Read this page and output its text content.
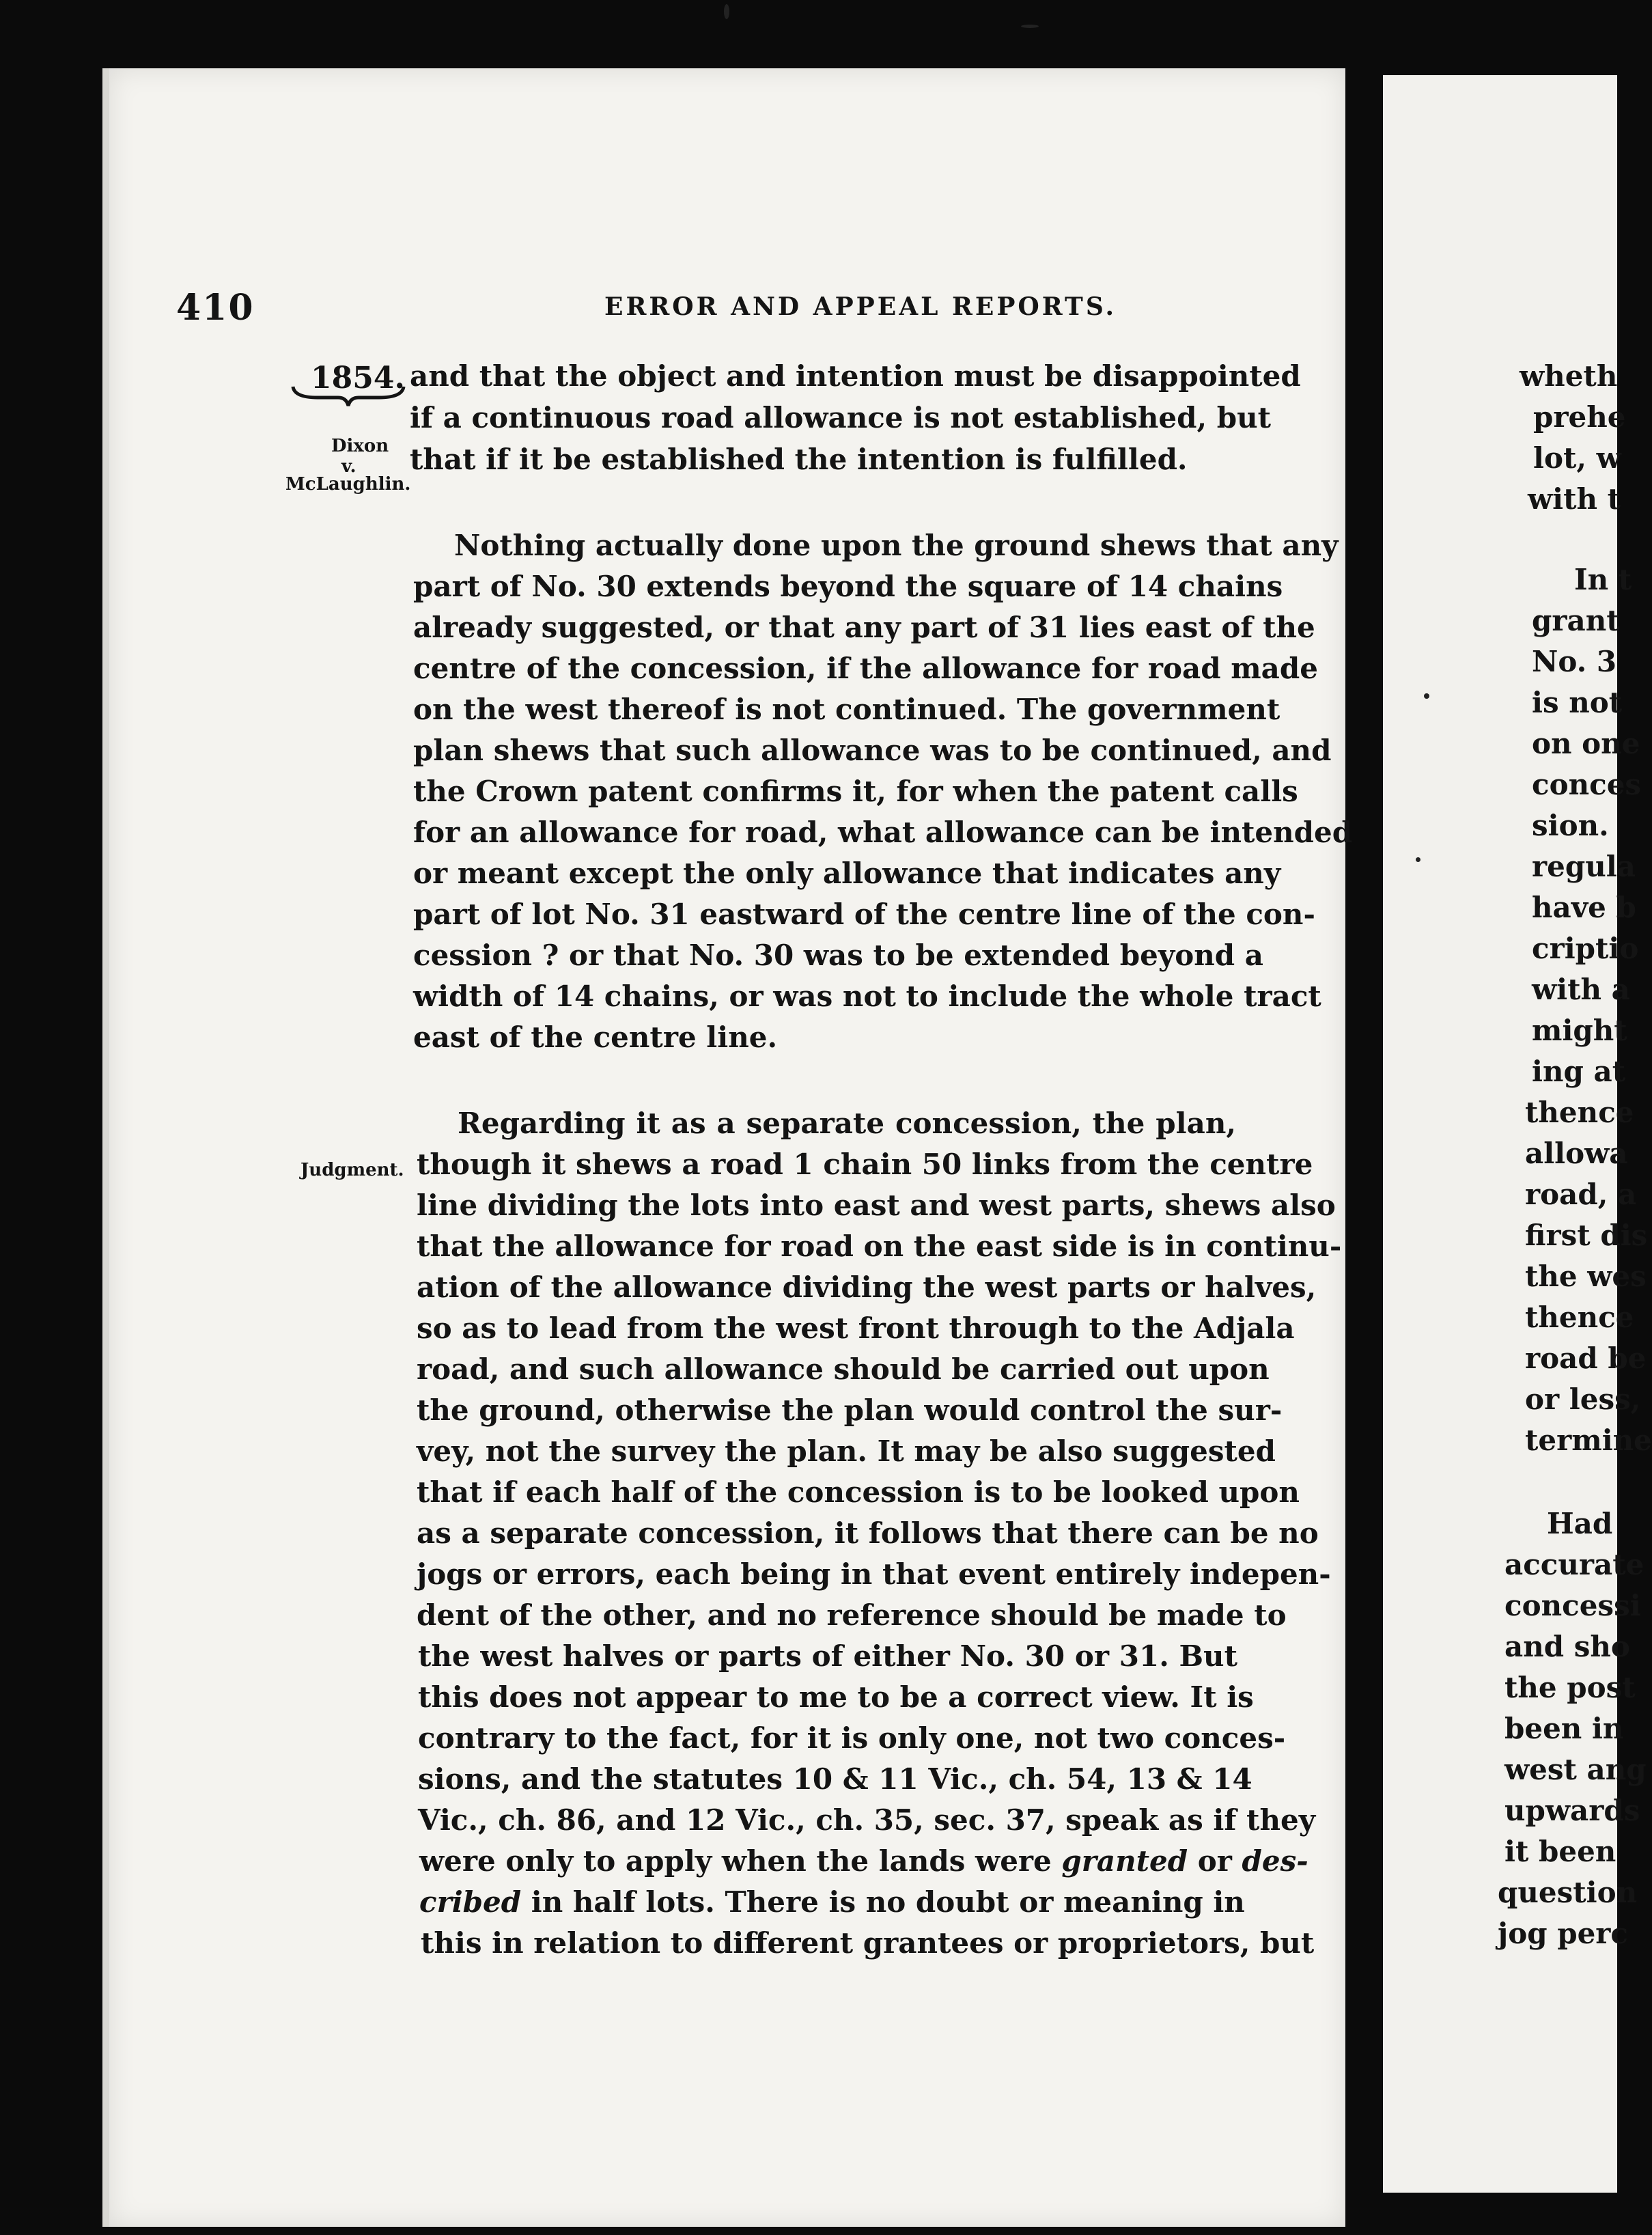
410	ERROR AND APPEAL REPORTS.
1854.
Dixon
v.
McLaughlin.
Judgment.
and that the object and intention must be disappointed
if a continuous road allowance is not established, but
that if it be established the intention is fulfilled.
Nothing actually done upon the ground shews that any
part of No. 30 extends beyond the square of 14 chains
already suggested, or that any part of 31 lies east of the
centre of the concession, if the allowance for road made
on the west thereof is not continued. The government
plan shews that such allowance was to be continued, and
the Crown patent confirms it, for when the patent calls
for an allowance for road, what allowance can be intended
or meant except the only allowance that indicates any
part of lot No. 31 eastward of the centre line of the con-
cession ? or that No. 30 was to be extended beyond a
width of 14 chains, or was not to include the whole tract
east of the centre line.
Regarding it as a separate concession, the plan,
though it shews a road 1 chain 50 links from the centre
line dividing the lots into east and west parts, shews also
that the allowance for road on the east side is in continu-
ation of the allowance dividing the west parts or halves,
so as to lead from the west front through to the Adjala
road, and such allowance should be carried out upon
the ground, otherwise the plan would control the sur-
vey, not the survey the plan. It may be also suggested
that if each half of the concession is to be looked upon
as a separate concession, it follows that there can be no
jogs or errors, each being in that event entirely indepen-
dent of the other, and no reference should be made to
the west halves or parts of either No. 30 or 31. But
this does not appear to me to be a correct view. It is
contrary to the fact, for it is only one, not two conces-
sions, and the statutes 10 & 11 Vic., ch. 54, 13 & 14
Vic., ch. 86, and 12 Vic., ch. 35, sec. 37, speak as if they
were only to apply when the lands were granted or des-
cribed in half lots. There is no doubt or meaning in
this in relation to different grantees or proprietors, but
wheth
prehe
lot, w
with t
In t
grant
No. 3
is not
on one
conces
sion.
regula
have b
criptio
with a
might
ing at
thence
allowa
road, a
first dis
the wes
thence
road be
or less,
termine
Had
accurate
concessi
and sho
the post
been in
west ang
upwards
it been
question
jog perc
